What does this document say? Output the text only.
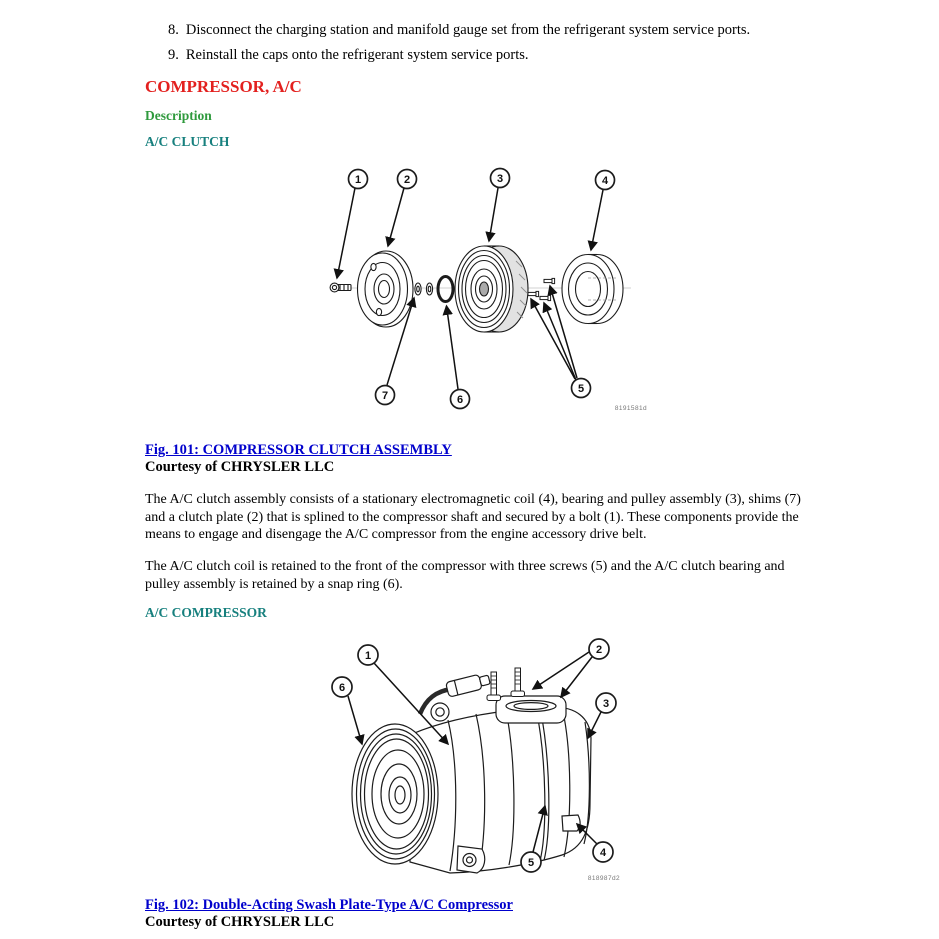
8. Disconnect the charging station and manifold gauge set from the refrigerant system service ports.
9. Reinstall the caps onto the refrigerant system service ports.
COMPRESSOR, A/C
Description
A/C CLUTCH
1	2	3	4
5
6
7
8191581d
Fig. 101: COMPRESSOR CLUTCH ASSEMBLY
Courtesy of CHRYSLER LLC

The A/C clutch assembly consists of a stationary electromagnetic coil (4), bearing and pulley assembly (3), shims (7) and a clutch plate (2) that is splined to the compressor shaft and secured by a bolt (1). These components provide the means to engage and disengage the A/C compressor from the engine accessory drive belt.

The A/C clutch coil is retained to the front of the compressor with three screws (5) and the A/C clutch bearing and pulley assembly is retained by a snap ring (6).

A/C COMPRESSOR
1	2
3
4
5
6
818987d2
Fig. 102: Double-Acting Swash Plate-Type A/C Compressor
Courtesy of CHRYSLER LLC
